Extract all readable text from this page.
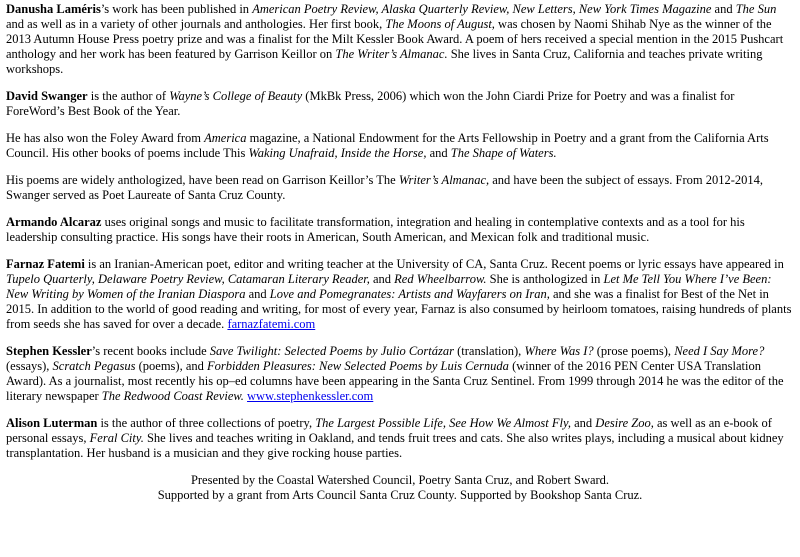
Danusha Laméris’s work has been published in American Poetry Review, Alaska Quarterly Review, New Letters, New York Times Magazine and The Sun and as well as in a variety of other journals and anthologies. Her first book, The Moons of August, was chosen by Naomi Shihab Nye as the winner of the 2013 Autumn House Press poetry prize and was a finalist for the Milt Kessler Book Award. A poem of hers received a special mention in the 2015 Pushcart anthology and her work has been featured by Garrison Keillor on The Writer’s Almanac. She lives in Santa Cruz, California and teaches private writing workshops.

David Swanger is the author of Wayne’s College of Beauty (MkBk Press, 2006) which won the John Ciardi Prize for Poetry and was a finalist for ForeWord’s Best Book of the Year.

He has also won the Foley Award from America magazine, a National Endowment for the Arts Fellowship in Poetry and a grant from the California Arts Council. His other books of poems include This Waking Unafraid, Inside the Horse, and The Shape of Waters.

His poems are widely anthologized, have been read on Garrison Keillor’s The Writer’s Almanac, and have been the subject of essays. From 2012-2014, Swanger served as Poet Laureate of Santa Cruz County.

Armando Alcaraz uses original songs and music to facilitate transformation, integration and healing in contemplative contexts and as a tool for his leadership consulting practice. His songs have their roots in American, South American, and Mexican folk and traditional music.

Farnaz Fatemi is an Iranian-American poet, editor and writing teacher at the University of CA, Santa Cruz. Recent poems or lyric essays have appeared in Tupelo Quarterly, Delaware Poetry Review, Catamaran Literary Reader, and Red Wheelbarrow. She is anthologized in Let Me Tell You Where I’ve Been: New Writing by Women of the Iranian Diaspora and Love and Pomegranates: Artists and Wayfarers on Iran, and she was a finalist for Best of the Net in 2015. In addition to the world of good reading and writing, for most of every year, Farnaz is also consumed by heirloom tomatoes, raising hundreds of plants from seeds she has saved for over a decade. farnazfatemi.com

Stephen Kessler’s recent books include Save Twilight: Selected Poems by Julio Cortázar (translation), Where Was I? (prose poems), Need I Say More? (essays), Scratch Pegasus (poems), and Forbidden Pleasures: New Selected Poems by Luis Cernuda (winner of the 2016 PEN Center USA Translation Award). As a journalist, most recently his op–ed columns have been appearing in the Santa Cruz Sentinel. From 1999 through 2014 he was the editor of the literary newspaper The Redwood Coast Review. www.stephenkessler.com

Alison Luterman is the author of three collections of poetry, The Largest Possible Life, See How We Almost Fly, and Desire Zoo, as well as an e-book of personal essays, Feral City. She lives and teaches writing in Oakland, and tends fruit trees and cats. She also writes plays, including a musical about kidney transplantation. Her husband is a musician and they give rocking house parties.

Presented by the Coastal Watershed Council, Poetry Santa Cruz, and Robert Sward.
Supported by a grant from Arts Council Santa Cruz County. Supported by Bookshop Santa Cruz.
